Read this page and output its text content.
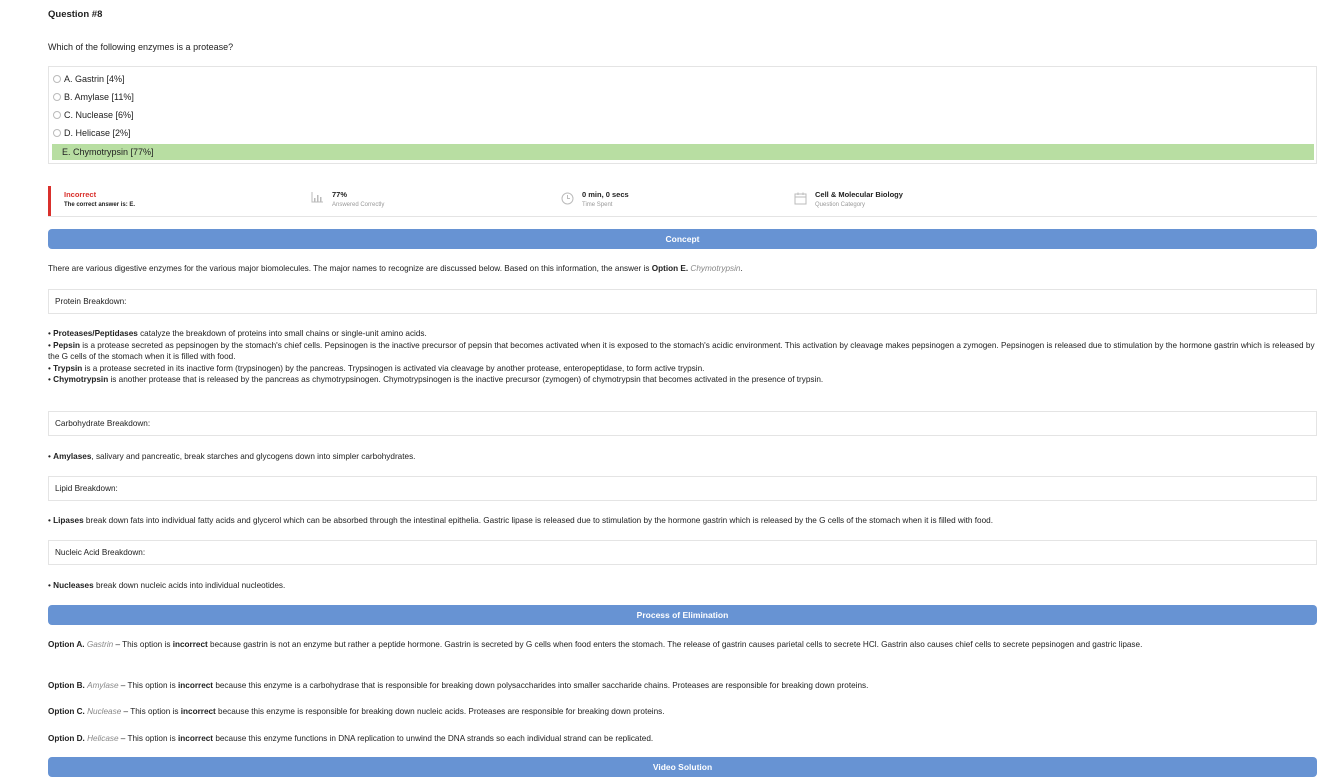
Question #8
Which of the following enzymes is a protease?
A. Gastrin [4%]
B. Amylase [11%]
C. Nuclease [6%]
D. Helicase [2%]
E. Chymotrypsin [77%]
Incorrect
The correct answer is: E.
77%
Answered Correctly
0 min, 0 secs
Time Spent
Cell & Molecular Biology
Question Category
Concept
There are various digestive enzymes for the various major biomolecules. The major names to recognize are discussed below. Based on this information, the answer is Option E. Chymotrypsin.
Protein Breakdown:
• Proteases/Peptidases catalyze the breakdown of proteins into small chains or single-unit amino acids.
• Pepsin is a protease secreted as pepsinogen by the stomach's chief cells. Pepsinogen is the inactive precursor of pepsin that becomes activated when it is exposed to the stomach's acidic environment. This activation by cleavage makes pepsinogen a zymogen. Pepsinogen is released due to stimulation by the hormone gastrin which is released by the G cells of the stomach when it is filled with food.
• Trypsin is a protease secreted in its inactive form (trypsinogen) by the pancreas. Trypsinogen is activated via cleavage by another protease, enteropeptidase, to form active trypsin.
• Chymotrypsin is another protease that is released by the pancreas as chymotrypsinogen. Chymotrypsinogen is the inactive precursor (zymogen) of chymotrypsin that becomes activated in the presence of trypsin.
Carbohydrate Breakdown:
• Amylases, salivary and pancreatic, break starches and glycogens down into simpler carbohydrates.
Lipid Breakdown:
• Lipases break down fats into individual fatty acids and glycerol which can be absorbed through the intestinal epithelia. Gastric lipase is released due to stimulation by the hormone gastrin which is released by the G cells of the stomach when it is filled with food.
Nucleic Acid Breakdown:
• Nucleases break down nucleic acids into individual nucleotides.
Process of Elimination
Option A. Gastrin – This option is incorrect because gastrin is not an enzyme but rather a peptide hormone. Gastrin is secreted by G cells when food enters the stomach. The release of gastrin causes parietal cells to secrete HCl. Gastrin also causes chief cells to secrete pepsinogen and gastric lipase.
Option B. Amylase – This option is incorrect because this enzyme is a carbohydrase that is responsible for breaking down polysaccharides into smaller saccharide chains. Proteases are responsible for breaking down proteins.
Option C. Nuclease – This option is incorrect because this enzyme is responsible for breaking down nucleic acids. Proteases are responsible for breaking down proteins.
Option D. Helicase – This option is incorrect because this enzyme functions in DNA replication to unwind the DNA strands so each individual strand can be replicated.
Video Solution
